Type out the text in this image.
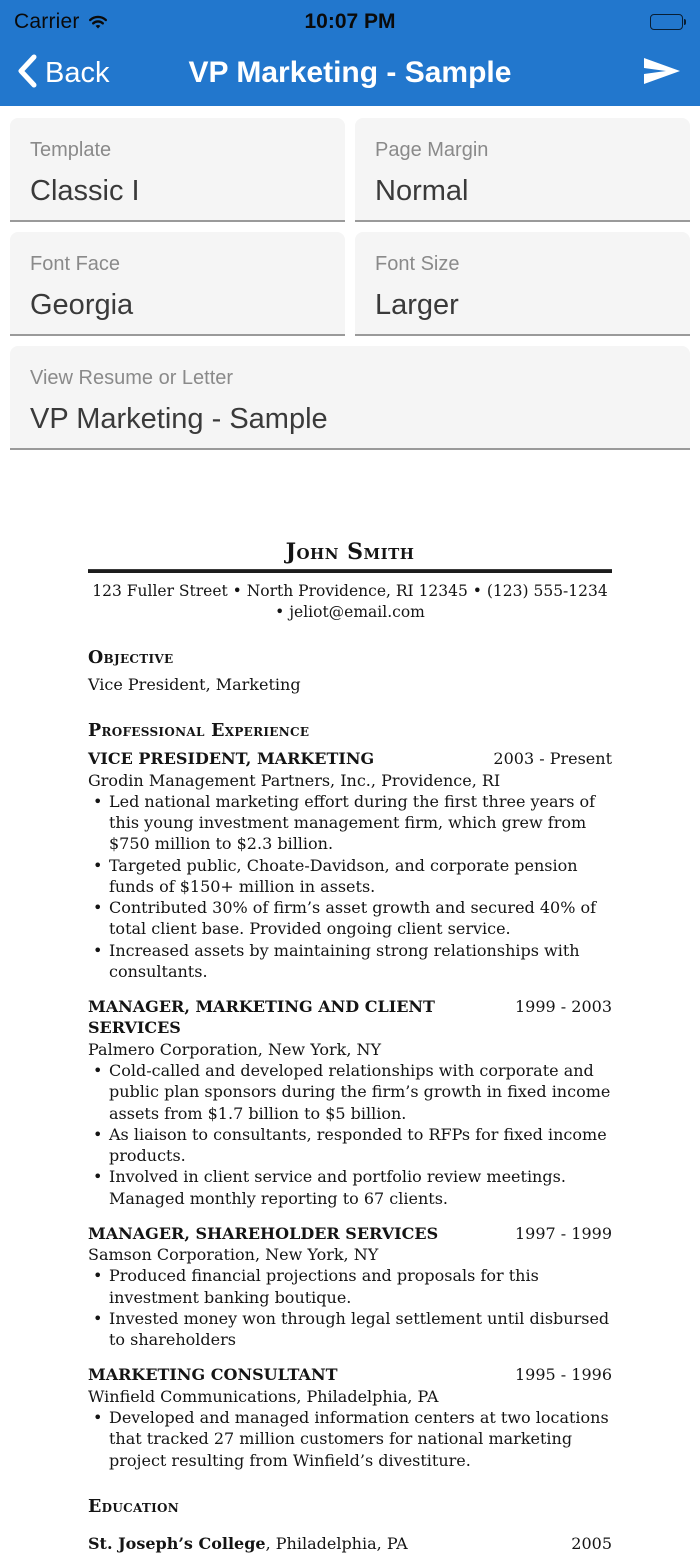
Carrier	10:07 PM
VP Marketing - Sample
Back
Template
Classic I
Page Margin
Normal
Font Face
Georgia
Font Size
Larger
View Resume or Letter
VP Marketing - Sample
John Smith
123 Fuller Street • North Providence, RI 12345 • (123) 555-1234 • jeliot@email.com
Objective
Vice President, Marketing
Professional Experience
VICE PRESIDENT, MARKETING	2003 - Present
Grodin Management Partners, Inc., Providence, RI
• Led national marketing effort during the first three years of this young investment management firm, which grew from $750 million to $2.3 billion.
• Targeted public, Choate-Davidson, and corporate pension funds of $150+ million in assets.
• Contributed 30% of firm’s asset growth and secured 40% of total client base. Provided ongoing client service.
• Increased assets by maintaining strong relationships with consultants.
MANAGER, MARKETING AND CLIENT SERVICES
1999 - 2003
Palmero Corporation, New York, NY
• Cold-called and developed relationships with corporate and public plan sponsors during the firm’s growth in fixed income assets from $1.7 billion to $5 billion.
• As liaison to consultants, responded to RFPs for fixed income products.
• Involved in client service and portfolio review meetings. Managed monthly reporting to 67 clients.
MANAGER, SHAREHOLDER SERVICES	1997 - 1999
Samson Corporation, New York, NY
• Produced financial projections and proposals for this investment banking boutique.
• Invested money won through legal settlement until disbursed to shareholders
MARKETING CONSULTANT	1995 - 1996
Winfield Communications, Philadelphia, PA
• Developed and managed information centers at two locations that tracked 27 million customers for national marketing project resulting from Winfield’s divestiture.
Education
St. Joseph’s College, Philadelphia, PA	2005
